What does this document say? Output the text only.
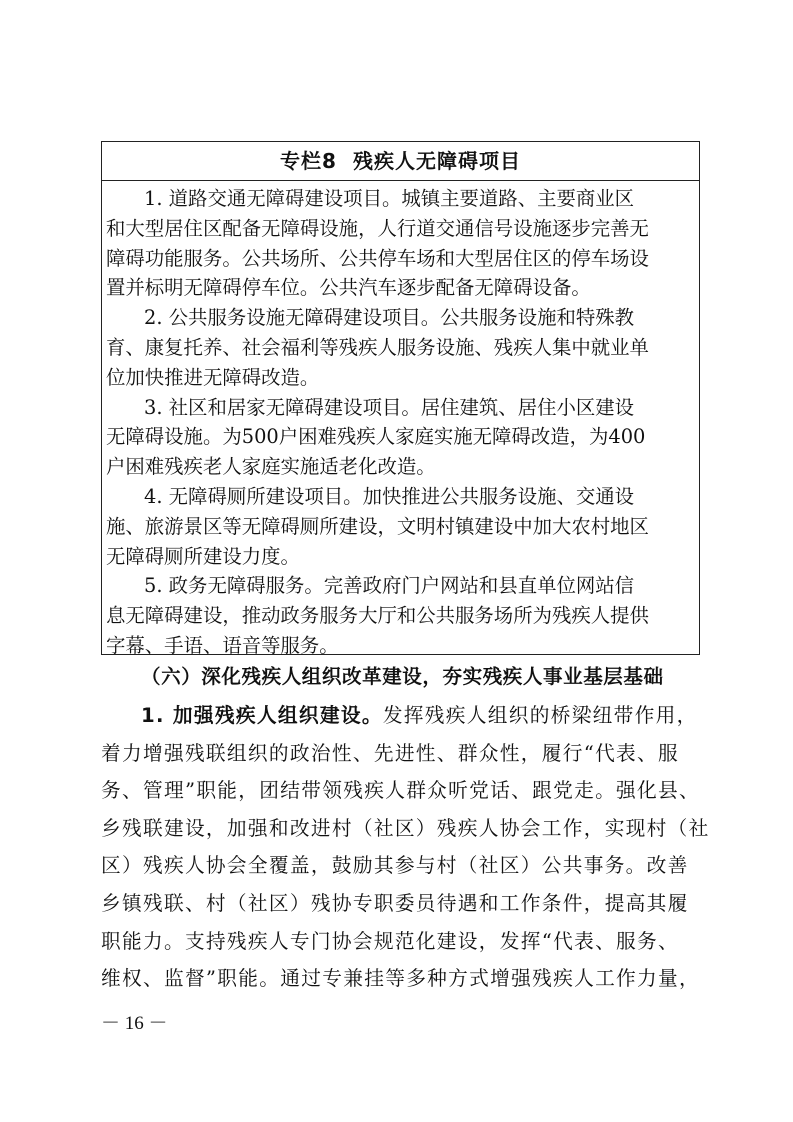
专栏8 残疾人无障碍项目
1. 道路交通无障碍建设项目。城镇主要道路、主要商业区
和大型居住区配备无障碍设施，人行道交通信号设施逐步完善无
障碍功能服务。公共场所、公共停车场和大型居住区的停车场设
置并标明无障碍停车位。公共汽车逐步配备无障碍设备。
2. 公共服务设施无障碍建设项目。公共服务设施和特殊教
育、康复托养、社会福利等残疾人服务设施、残疾人集中就业单
位加快推进无障碍改造。
3. 社区和居家无障碍建设项目。居住建筑、居住小区建设
无障碍设施。为500户困难残疾人家庭实施无障碍改造，为400
户困难残疾老人家庭实施适老化改造。
4. 无障碍厕所建设项目。加快推进公共服务设施、交通设
施、旅游景区等无障碍厕所建设，文明村镇建设中加大农村地区
无障碍厕所建设力度。
5. 政务无障碍服务。完善政府门户网站和县直单位网站信
息无障碍建设，推动政务服务大厅和公共服务场所为残疾人提供
字幕、手语、语音等服务。
（六）深化残疾人组织改革建设，夯实残疾人事业基层基础
1. 加强残疾人组织建设。发挥残疾人组织的桥梁纽带作用，
着力增强残联组织的政治性、先进性、群众性，履行“代表、服
务、管理”职能，团结带领残疾人群众听党话、跟党走。强化县、
乡残联建设，加强和改进村（社区）残疾人协会工作，实现村（社
区）残疾人协会全覆盖，鼓励其参与村（社区）公共事务。改善
乡镇残联、村（社区）残协专职委员待遇和工作条件，提高其履
职能力。支持残疾人专门协会规范化建设，发挥“代表、服务、
维权、监督”职能。通过专兼挂等多种方式增强残疾人工作力量，
－ 16 －
